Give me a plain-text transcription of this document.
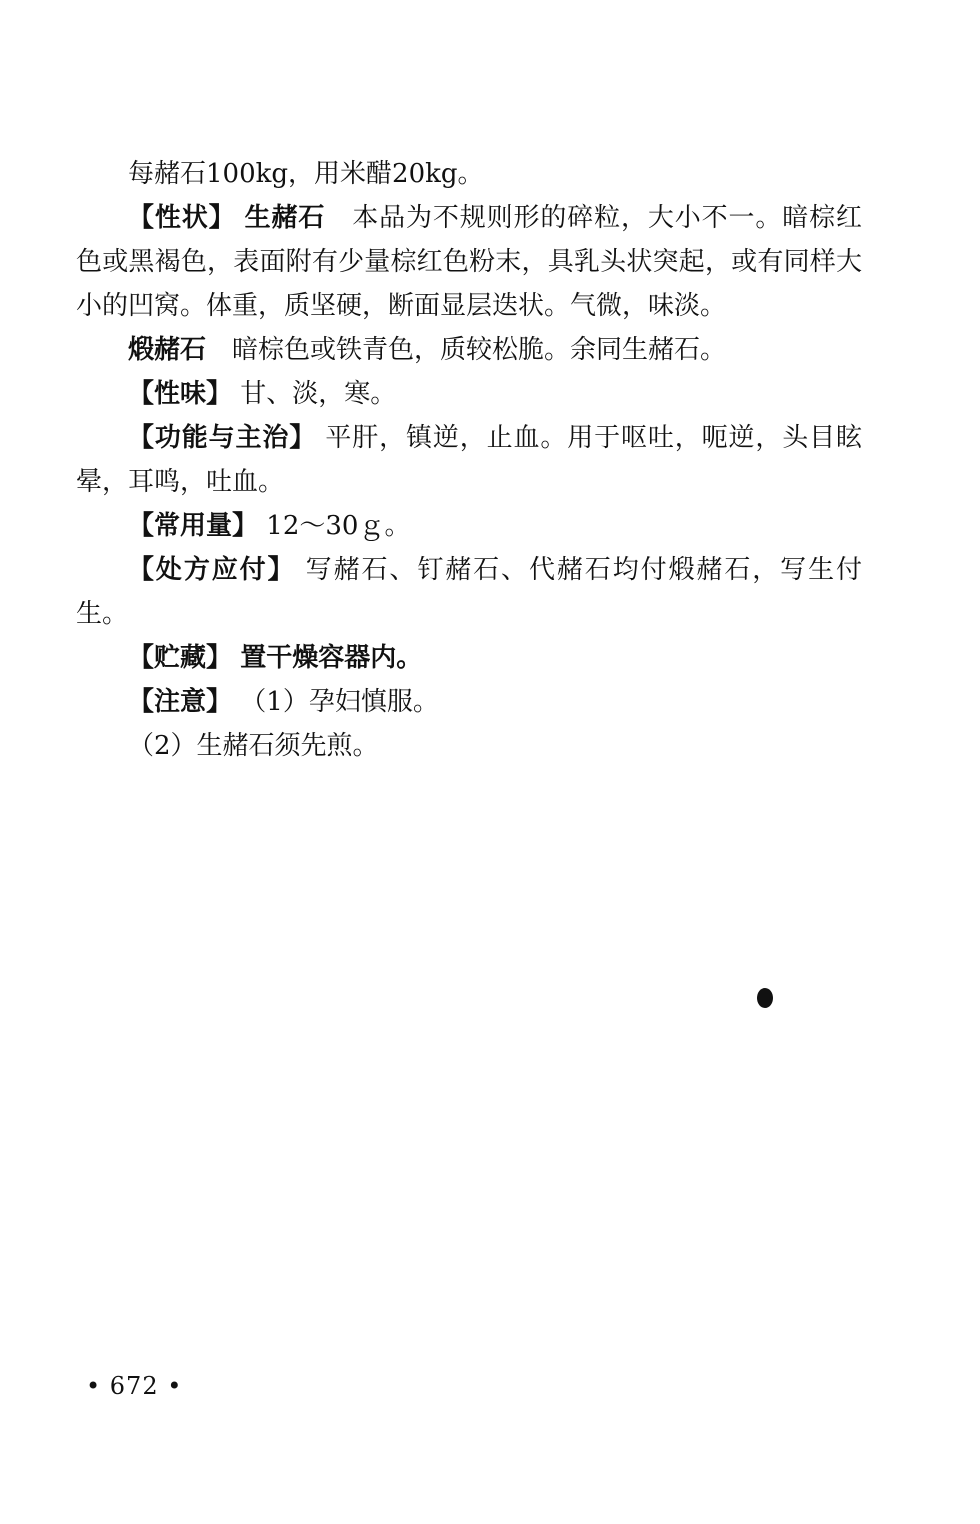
每赭石100kg，用米醋20kg。

【性状】 生赭石  本品为不规则形的碎粒，大小不一。暗棕红色或黑褐色，表面附有少量棕红色粉末，具乳头状突起，或有同样大小的凹窝。体重，质坚硬，断面显层迭状。气微，味淡。

煅赭石  暗棕色或铁青色，质较松脆。余同生赭石。

【性味】 甘、淡，寒。

【功能与主治】 平肝，镇逆，止血。用于呕吐，呃逆，头目眩晕，耳鸣，吐血。

【常用量】 12～30ｇ。

【处方应付】 写赭石、钉赭石、代赭石均付煅赭石，写生付生。

【贮藏】 置干燥容器内。

【注意】 （1）孕妇慎服。

（2）生赭石须先煎。

• 672 •
